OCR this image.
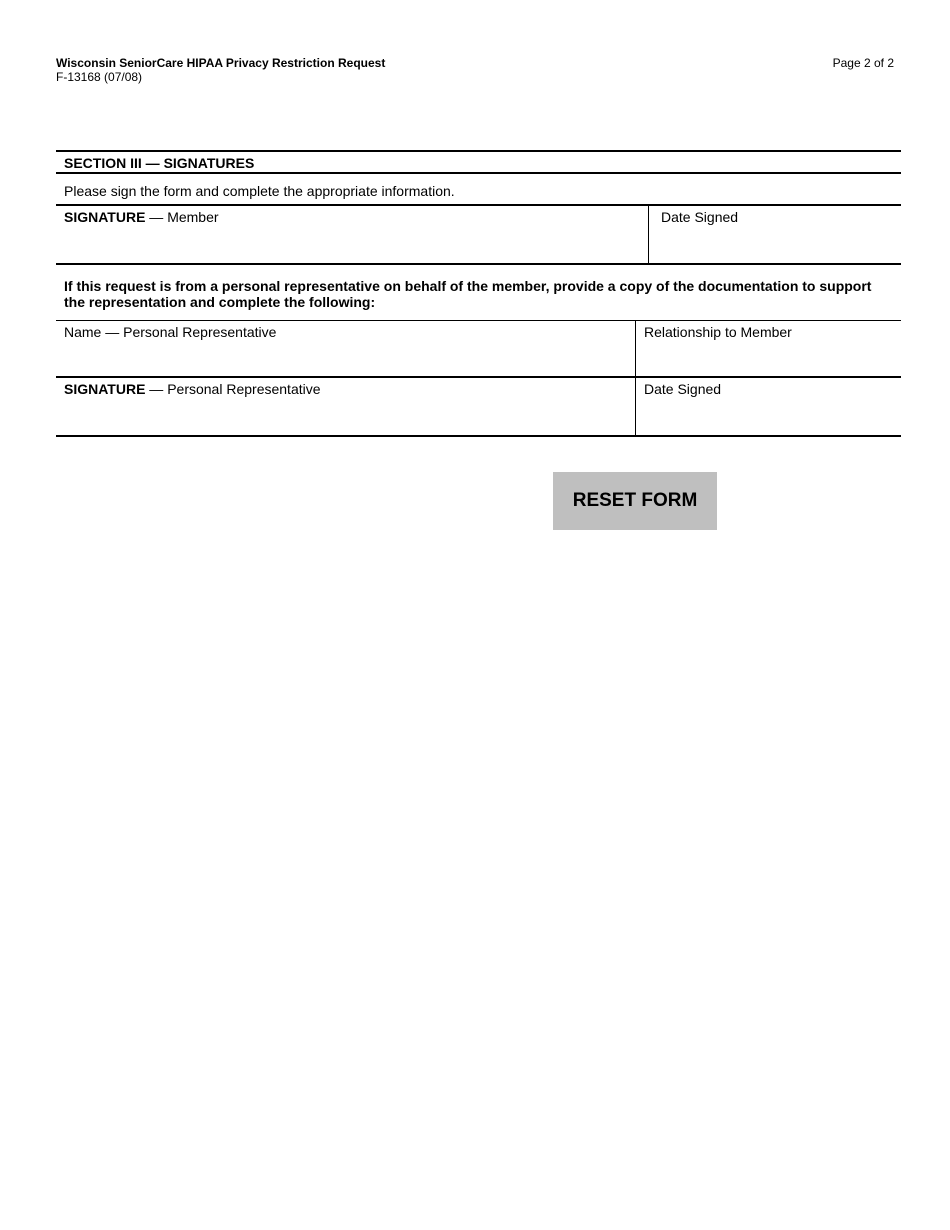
Wisconsin SeniorCare HIPAA Privacy Restriction Request
F-13168 (07/08)
Page 2 of 2
SECTION III — SIGNATURES
Please sign the form and complete the appropriate information.
SIGNATURE — Member	Date Signed
If this request is from a personal representative on behalf of the member, provide a copy of the documentation to support the representation and complete the following:
Name — Personal Representative	Relationship to Member
SIGNATURE — Personal Representative	Date Signed
RESET FORM
